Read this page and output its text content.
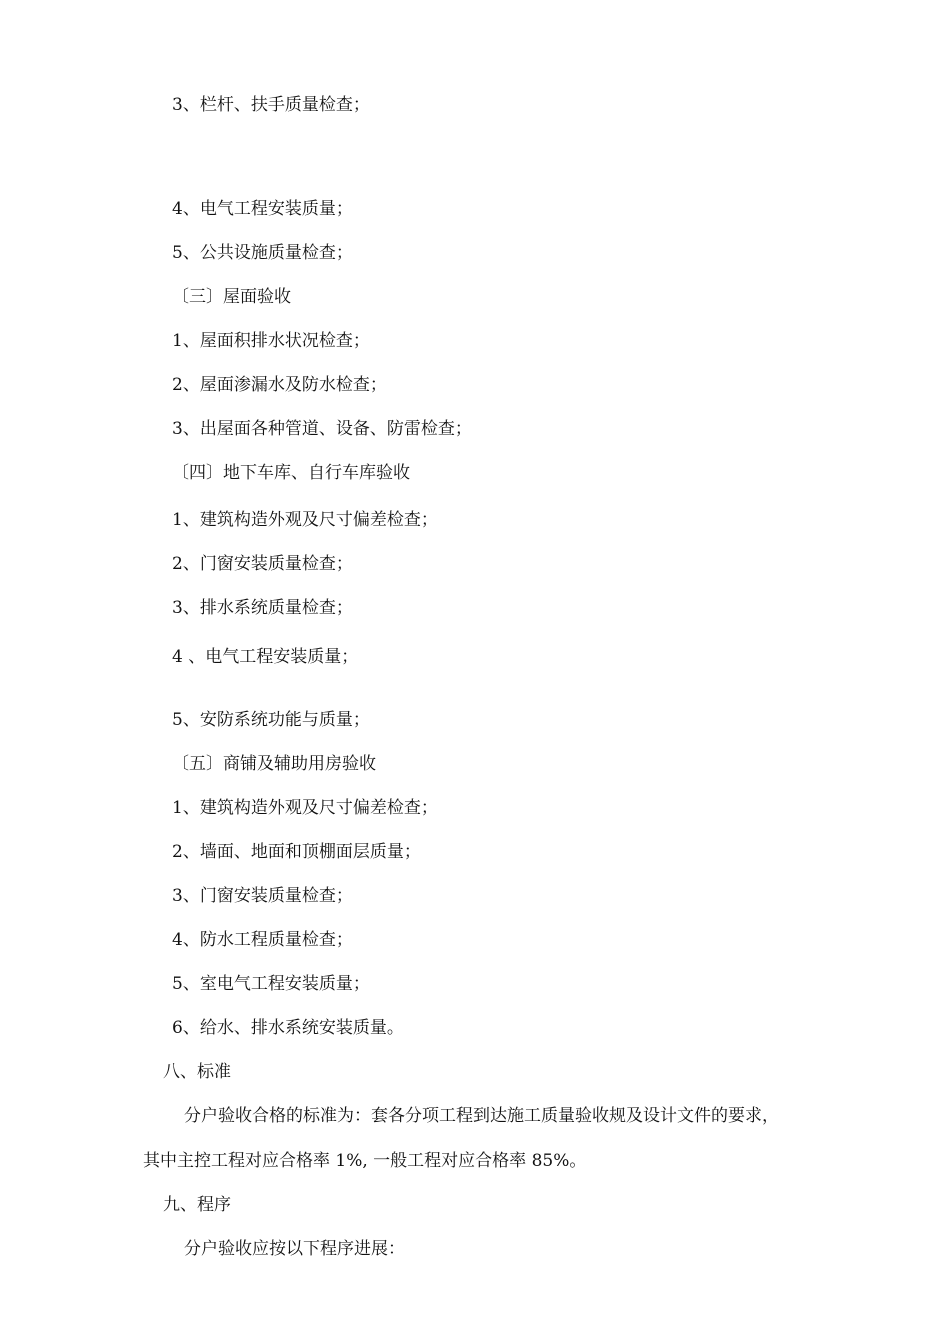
3、栏杆、扶手质量检查；

4、电气工程安装质量；

5、公共设施质量检查；

〔三〕屋面验收

1、屋面积排水状况检查；

2、屋面渗漏水及防水检查；

3、出屋面各种管道、设备、防雷检查；

〔四〕地下车库、自行车库验收

1、建筑构造外观及尺寸偏差检查；

2、门窗安装质量检查；

3、排水系统质量检查；

4 、电气工程安装质量；

5、安防系统功能与质量；

〔五〕商铺及辅助用房验收

1、建筑构造外观及尺寸偏差检查；

2、墙面、地面和顶棚面层质量；

3、门窗安装质量检查；

4、防水工程质量检查；

5、室电气工程安装质量；

6、给水、排水系统安装质量。

八、标准

分户验收合格的标准为：套各分项工程到达施工质量验收规及设计文件的要求，

其中主控工程对应合格率 1%, 一般工程对应合格率 85%。

九、程序

分户验收应按以下程序进展：
